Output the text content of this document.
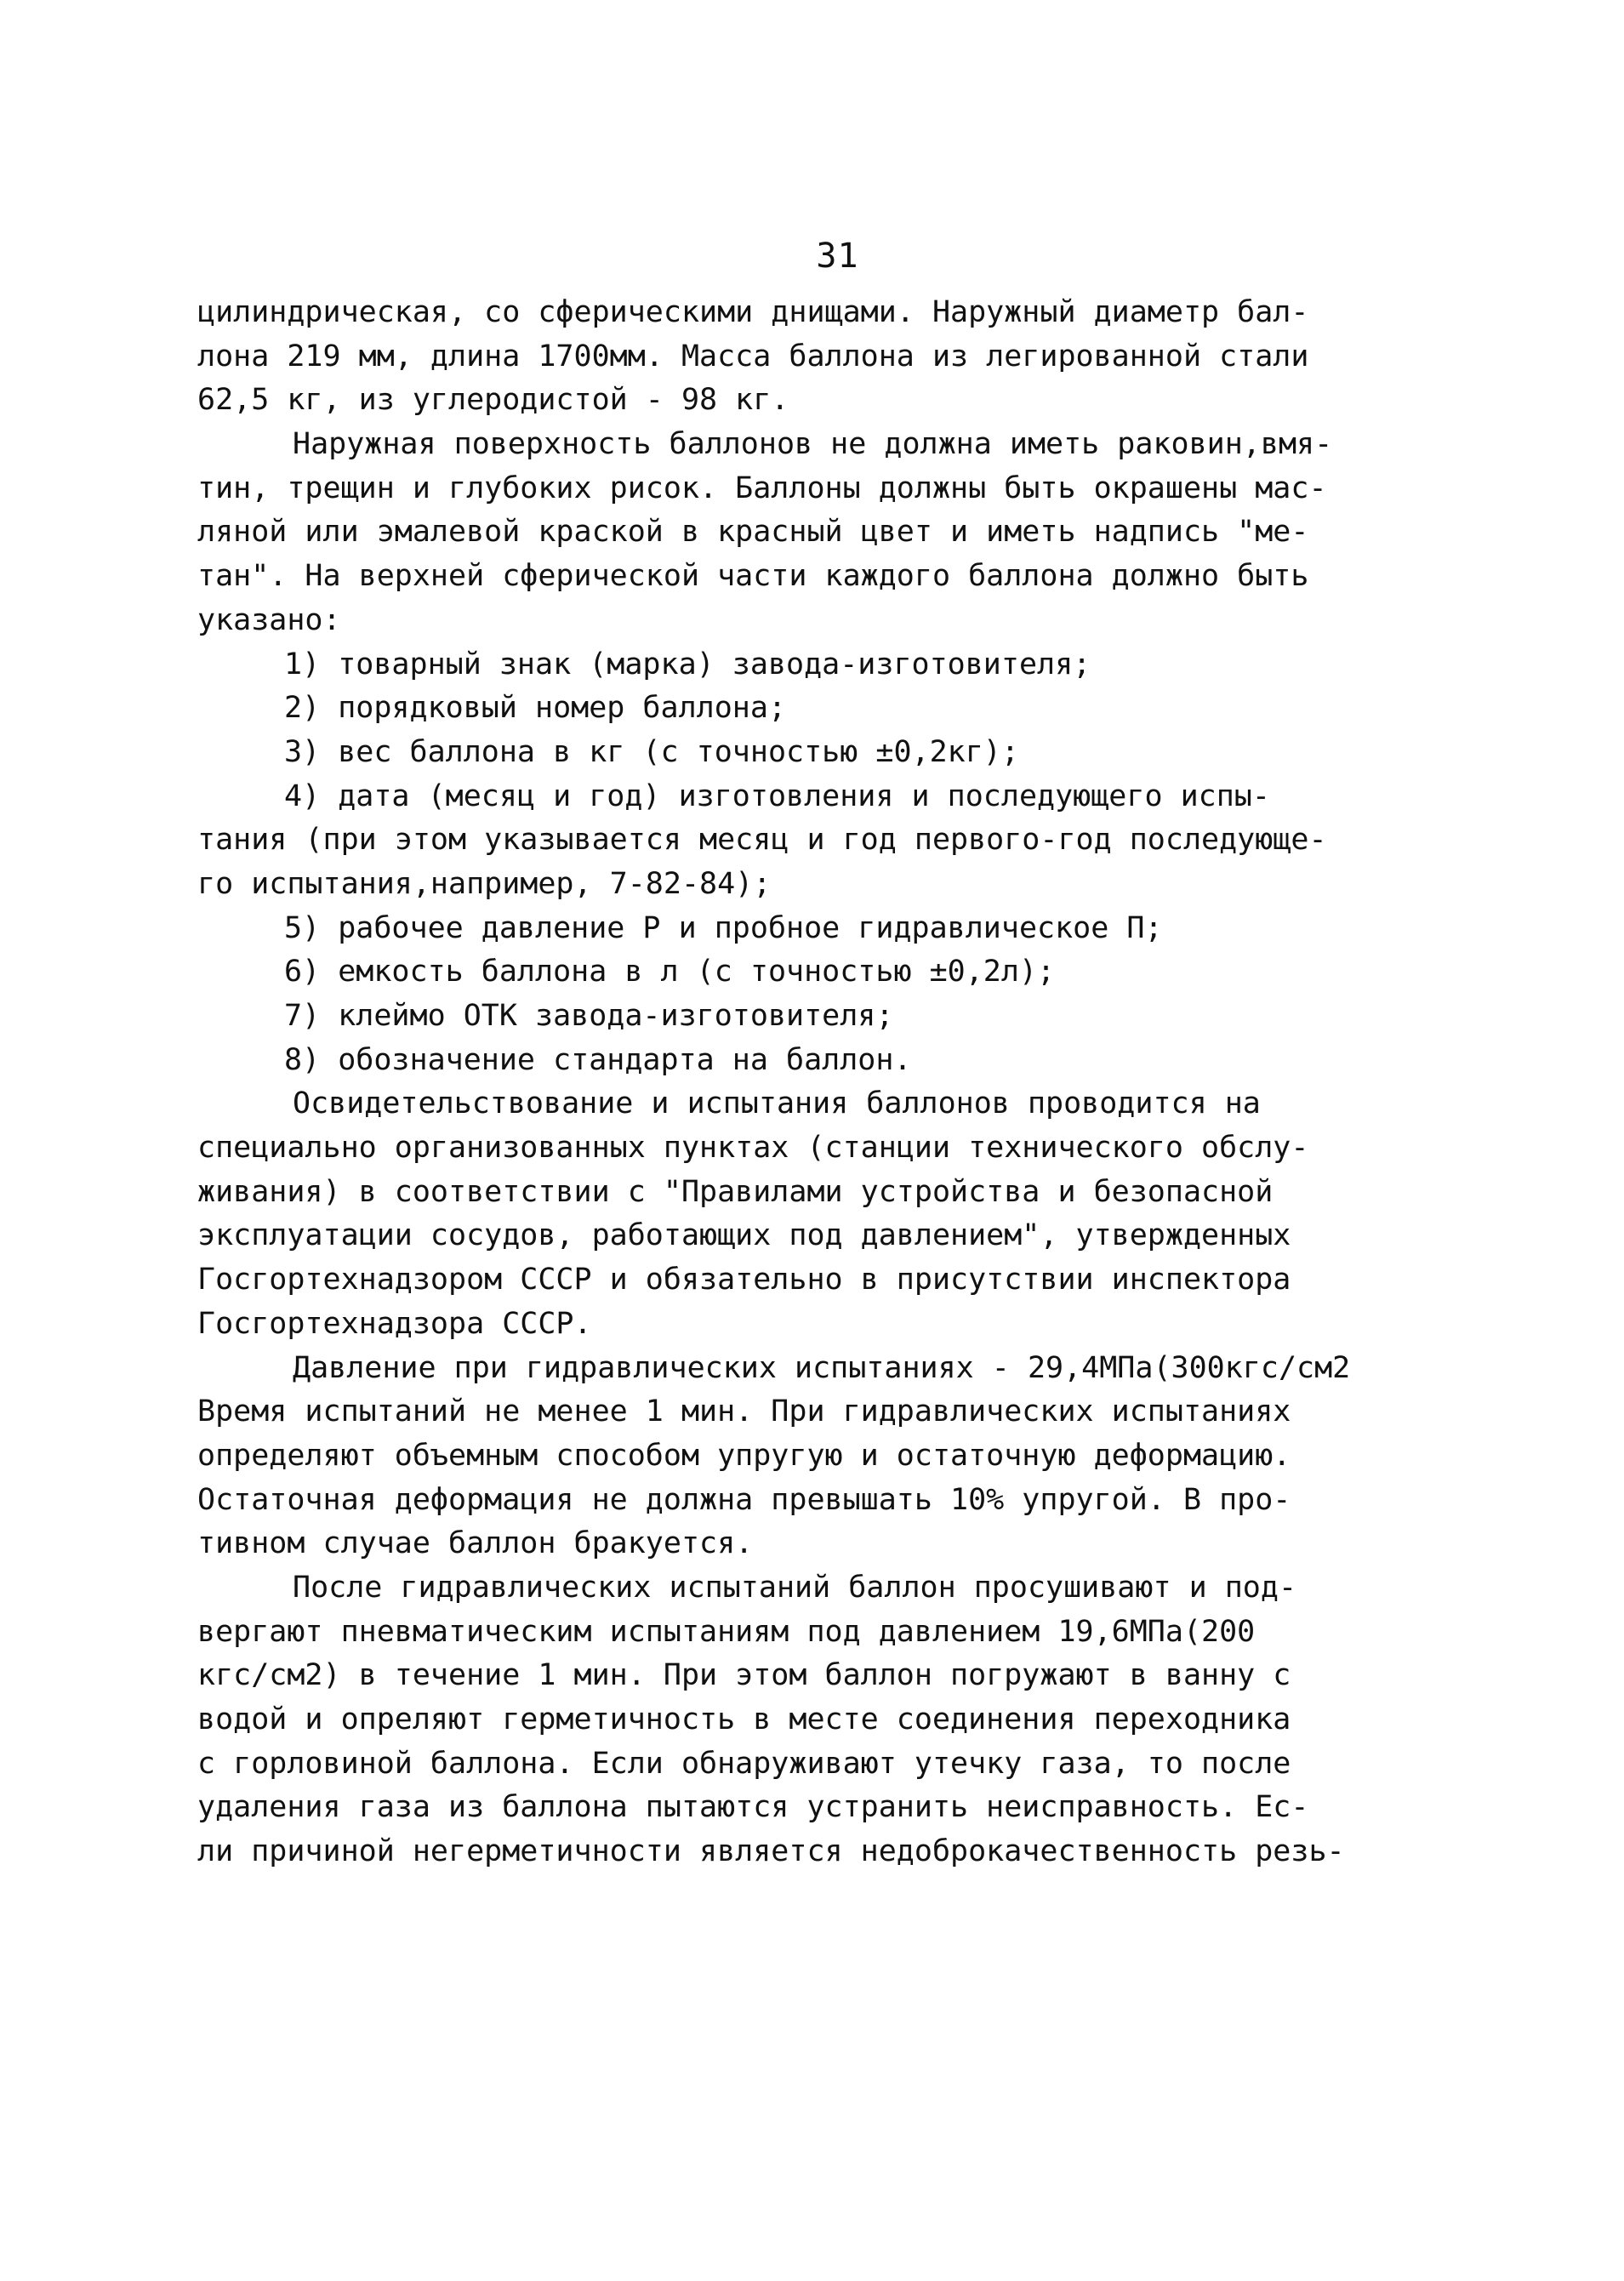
31
цилиндрическая, со сферическими днищами. Наружный диаметр бал-
лона 219 мм, длина 1700мм. Масса баллона из легированной стали
62,5 кг, из углеродистой - 98 кг.
Наружная поверхность баллонов не должна иметь раковин,вмя-
тин, трещин и глубоких рисок. Баллоны должны быть окрашены мас-
ляной или эмалевой краской в красный цвет и иметь надпись "ме-
тан". На верхней сферической части каждого баллона должно быть
указано:
1) товарный знак (марка) завода-изготовителя;
2) порядковый номер баллона;
3) вес баллона в кг (с точностью ±0,2кг);
4) дата (месяц и год) изготовления и последующего испы-
тания (при этом указывается месяц и год первого-год последующе-
го испытания,например, 7-82-84);
5) рабочее давление Р и пробное гидравлическое П;
6) емкость баллона в л (с точностью ±0,2л);
7) клеймо ОТК завода-изготовителя;
8) обозначение стандарта на баллон.
Освидетельствование и испытания баллонов проводится на
специально организованных пунктах (станции технического обслу-
живания) в соответствии с "Правилами устройства и безопасной
эксплуатации сосудов, работающих под давлением", утвержденных
Госгортехнадзором СССР и обязательно в присутствии инспектора
Госгортехнадзора СССР.
Давление при гидравлических испытаниях - 29,4МПа(300кгс/см2
Время испытаний не менее 1 мин. При гидравлических испытаниях
определяют объемным способом упругую и остаточную деформацию.
Остаточная деформация не должна превышать 10% упругой. В про-
тивном случае баллон бракуется.
После гидравлических испытаний баллон просушивают и под-
вергают пневматическим испытаниям под давлением 19,6МПа(200
кгс/см2) в течение 1 мин. При этом баллон погружают в ванну с
водой и опреляют герметичность в месте соединения переходника
с горловиной баллона. Если обнаруживают утечку газа, то после
удаления газа из баллона пытаются устранить неисправность. Ес-
ли причиной негерметичности является недоброкачественность резь-
